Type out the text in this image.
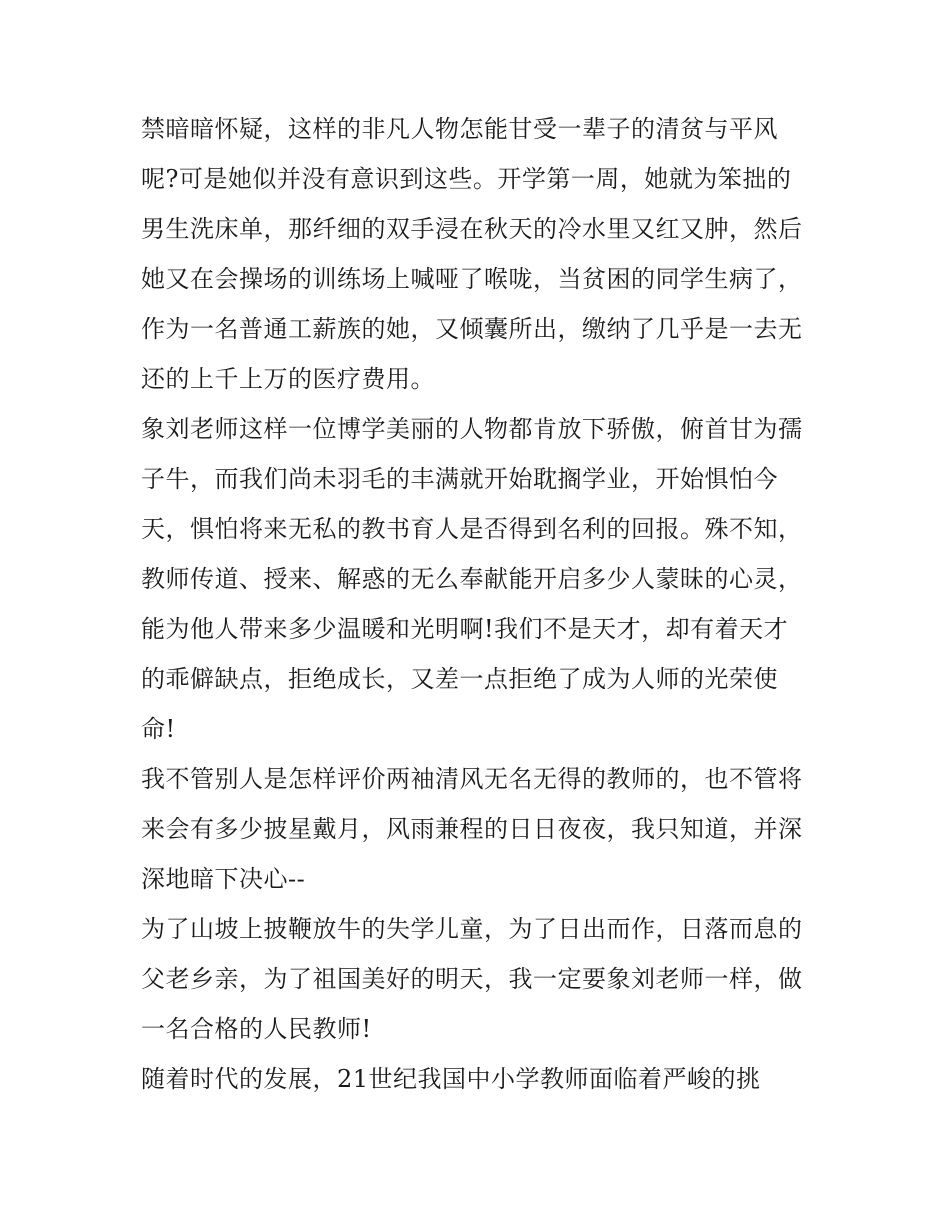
禁暗暗怀疑，这样的非凡人物怎能甘受一辈子的清贫与平风
呢?可是她似并没有意识到这些。开学第一周，她就为笨拙的
男生洗床单，那纤细的双手浸在秋天的冷水里又红又肿，然后
她又在会操场的训练场上喊哑了喉咙，当贫困的同学生病了，
作为一名普通工薪族的她，又倾囊所出，缴纳了几乎是一去无
还的上千上万的医疗费用。
象刘老师这样一位博学美丽的人物都肯放下骄傲，俯首甘为孺
子牛，而我们尚未羽毛的丰满就开始耽搁学业，开始惧怕今
天，惧怕将来无私的教书育人是否得到名利的回报。殊不知，
教师传道、授来、解惑的无么奉献能开启多少人蒙昧的心灵，
能为他人带来多少温暖和光明啊!我们不是天才，却有着天才
的乖僻缺点，拒绝成长，又差一点拒绝了成为人师的光荣使
命!
我不管别人是怎样评价两袖清风无名无得的教师的，也不管将
来会有多少披星戴月，风雨兼程的日日夜夜，我只知道，并深
深地暗下决心--
为了山坡上披鞭放牛的失学儿童，为了日出而作，日落而息的
父老乡亲，为了祖国美好的明天，我一定要象刘老师一样，做
一名合格的人民教师!
随着时代的发展，21世纪我国中小学教师面临着严峻的挑
